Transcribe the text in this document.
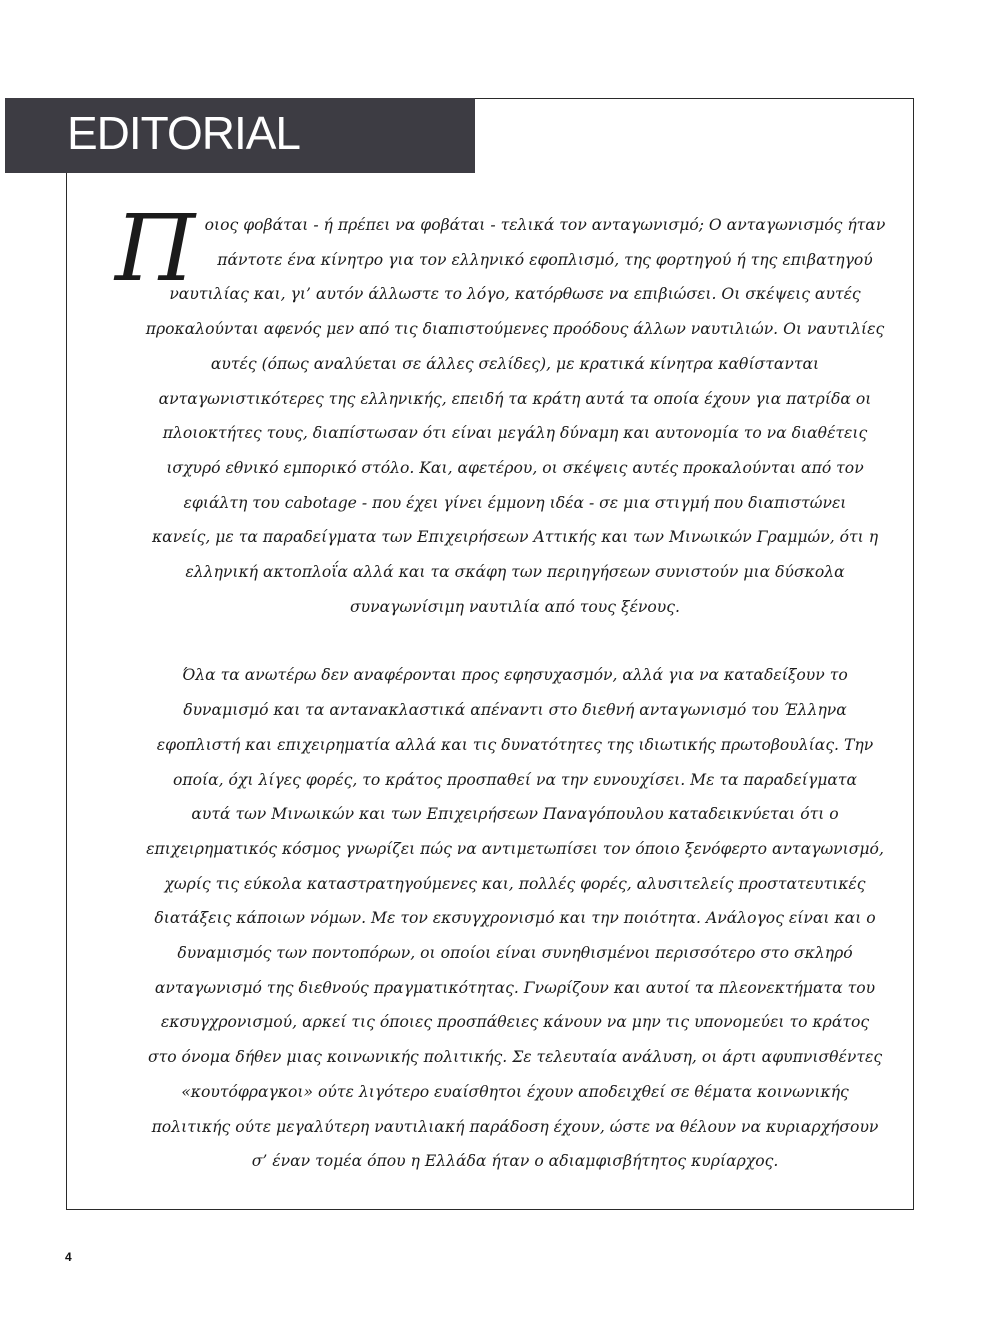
EDITORIAL
Π οιος φοβάται - ή πρέπει να φοβάται - τελικά τον ανταγωνισμό; Ο ανταγωνισμός ήταν
πάντοτε ένα κίνητρο για τον ελληνικό εφοπλισμό, της φορτηγού ή της επιβατηγού
ναυτιλίας και, γι’ αυτόν άλλωστε το λόγο, κατόρθωσε να επιβιώσει. Οι σκέψεις αυτές
προκαλούνται αφενός μεν από τις διαπιστούμενες προόδους άλλων ναυτιλιών. Οι ναυτιλίες
αυτές (όπως αναλύεται σε άλλες σελίδες), με κρατικά κίνητρα καθίστανται
ανταγωνιστικότερες της ελληνικής, επειδή τα κράτη αυτά τα οποία έχουν για πατρίδα οι
πλοιοκτήτες τους, διαπίστωσαν ότι είναι μεγάλη δύναμη και αυτονομία το να διαθέτεις
ισχυρό εθνικό εμπορικό στόλο. Και, αφετέρου, οι σκέψεις αυτές προκαλούνται από τον
εφιάλτη του cabotage - που έχει γίνει έμμονη ιδέα - σε μια στιγμή που διαπιστώνει
κανείς, με τα παραδείγματα των Επιχειρήσεων Αττικής και των Μινωικών Γραμμών, ότι η
ελληνική ακτοπλοΐα αλλά και τα σκάφη των περιηγήσεων συνιστούν μια δύσκολα
συναγωνίσιμη ναυτιλία από τους ξένους.

Όλα τα ανωτέρω δεν αναφέρονται προς εφησυχασμόν, αλλά για να καταδείξουν το
δυναμισμό και τα αντανακλαστικά απέναντι στο διεθνή ανταγωνισμό του Έλληνα
εφοπλιστή και επιχειρηματία αλλά και τις δυνατότητες της ιδιωτικής πρωτοβουλίας. Την
οποία, όχι λίγες φορές, το κράτος προσπαθεί να την ευνουχίσει. Με τα παραδείγματα
αυτά των Μινωικών και των Επιχειρήσεων Παναγόπουλου καταδεικνύεται ότι ο
επιχειρηματικός κόσμος γνωρίζει πώς να αντιμετωπίσει τον όποιο ξενόφερτο ανταγωνισμό,
χωρίς τις εύκολα καταστρατηγούμενες και, πολλές φορές, αλυσιτελείς προστατευτικές
διατάξεις κάποιων νόμων. Με τον εκσυγχρονισμό και την ποιότητα. Ανάλογος είναι και ο
δυναμισμός των ποντοπόρων, οι οποίοι είναι συνηθισμένοι περισσότερο στο σκληρό
ανταγωνισμό της διεθνούς πραγματικότητας. Γνωρίζουν και αυτοί τα πλεονεκτήματα του
εκσυγχρονισμού, αρκεί τις όποιες προσπάθειες κάνουν να μην τις υπονομεύει το κράτος
στο όνομα δήθεν μιας κοινωνικής πολιτικής. Σε τελευταία ανάλυση, οι άρτι αφυπνισθέντες
«κουτόφραγκοι» ούτε λιγότερο ευαίσθητοι έχουν αποδειχθεί σε θέματα κοινωνικής
πολιτικής ούτε μεγαλύτερη ναυτιλιακή παράδοση έχουν, ώστε να θέλουν να κυριαρχήσουν
σ’ έναν τομέα όπου η Ελλάδα ήταν ο αδιαμφισβήτητος κυρίαρχος.

4
